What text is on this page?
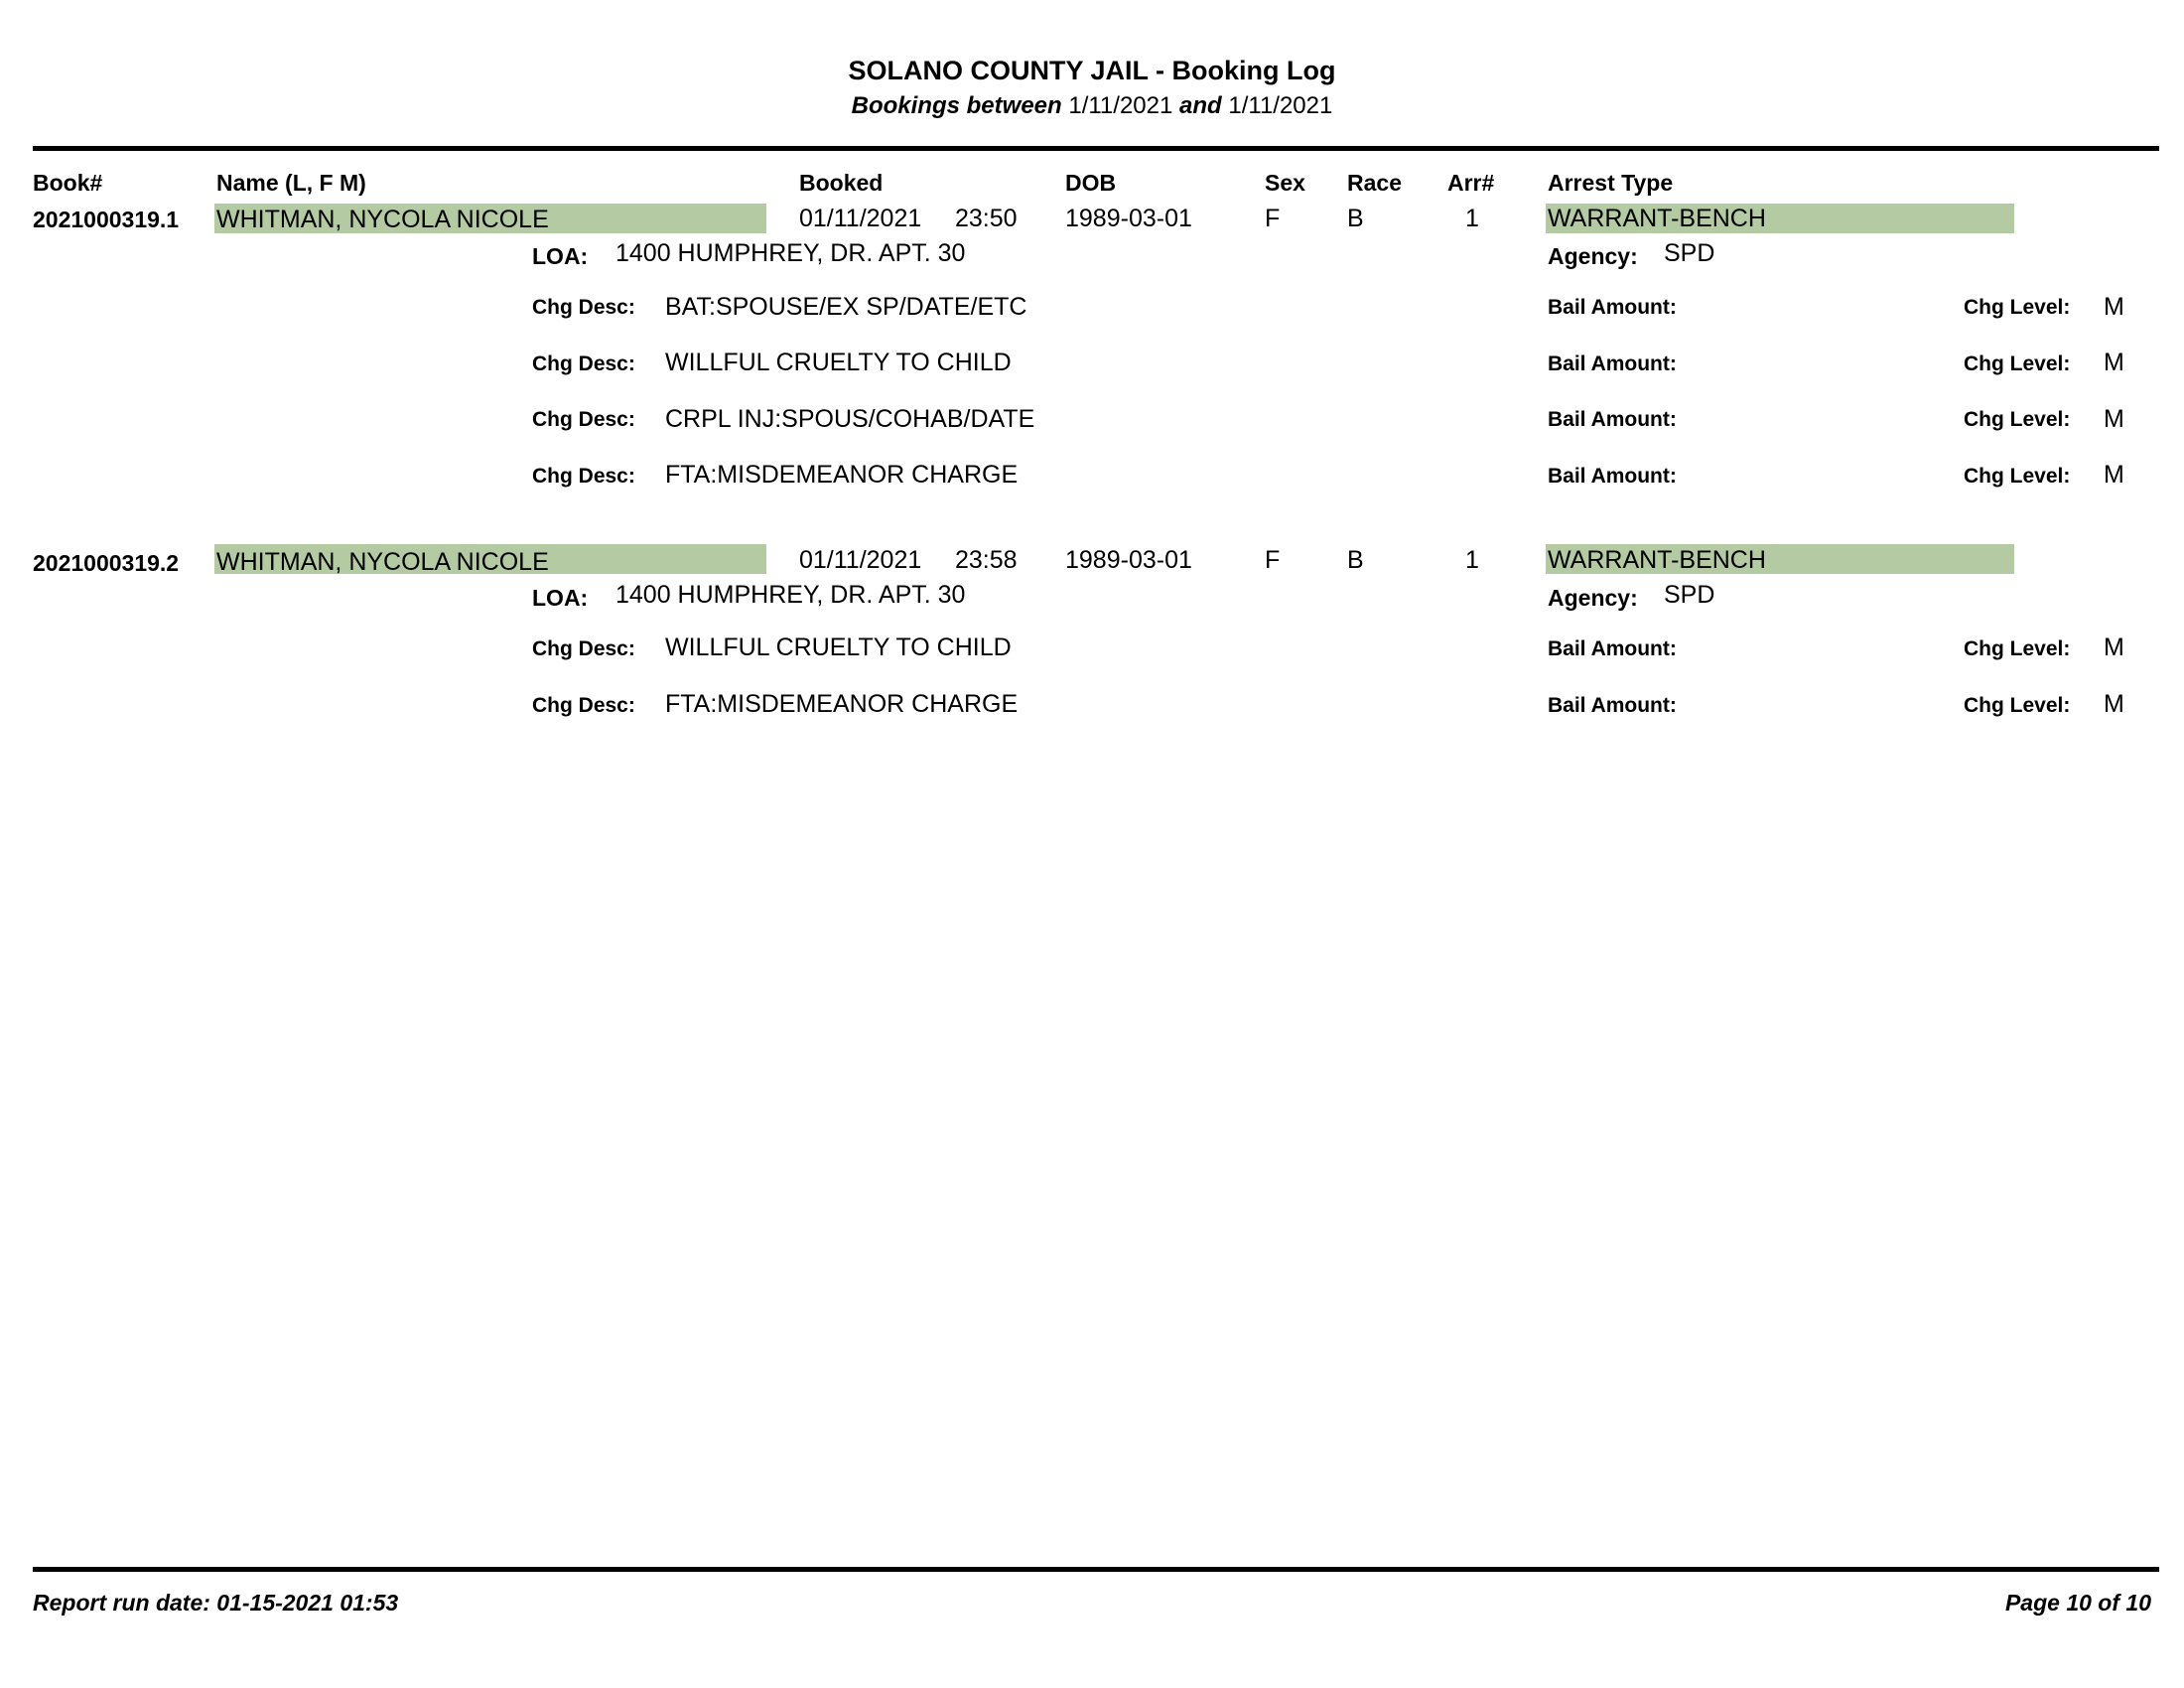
SOLANO COUNTY JAIL - Booking Log
Bookings between 1/11/2021 and 1/11/2021
Book#	Name (L, F M)	Booked	DOB	Sex Race Arr# Arrest Type
2021000319.1 WHITMAN, NYCOLA NICOLE	01/11/2021 23:50 1989-03-01	F	B	1	WARRANT-BENCH
LOA: 1400 HUMPHREY, DR. APT. 30	Agency: SPD
Chg Desc: BAT:SPOUSE/EX SP/DATE/ETC	Bail Amount:	Chg Level: M
Chg Desc: WILLFUL CRUELTY TO CHILD	Bail Amount:	Chg Level: M
Chg Desc: CRPL INJ:SPOUS/COHAB/DATE	Bail Amount:	Chg Level: M
Chg Desc: FTA:MISDEMEANOR CHARGE	Bail Amount:	Chg Level: M
2021000319.2 WHITMAN, NYCOLA NICOLE	01/11/2021 23:58 1989-03-01	F	B	1	WARRANT-BENCH
LOA: 1400 HUMPHREY, DR. APT. 30	Agency: SPD
Chg Desc: WILLFUL CRUELTY TO CHILD	Bail Amount:	Chg Level: M
Chg Desc: FTA:MISDEMEANOR CHARGE	Bail Amount:	Chg Level: M
Report run date: 01-15-2021 01:53	Page 10 of 10
